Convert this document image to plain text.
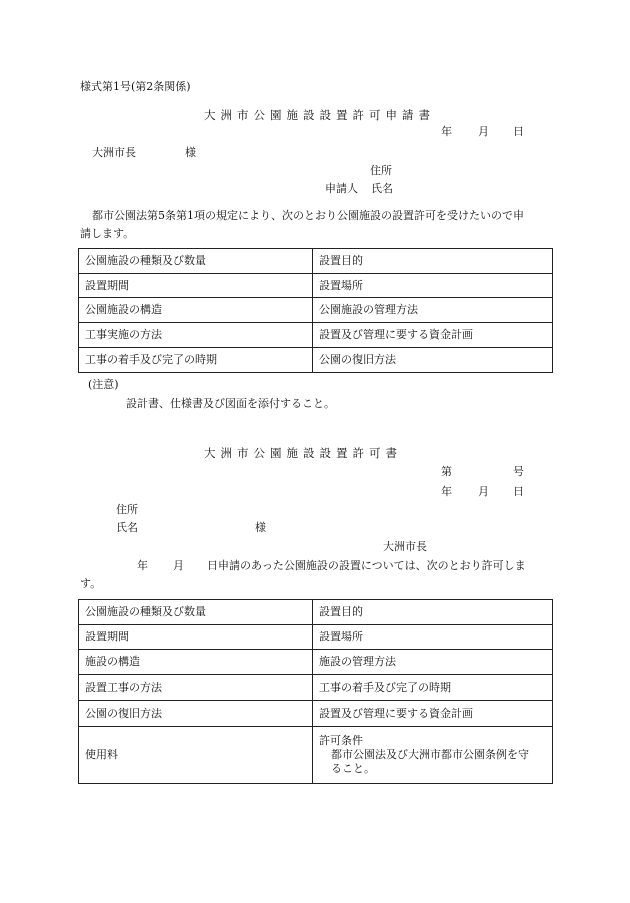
様式第1号(第2条関係)
大洲市公園施設設置許可申請書
年 月 日
大洲市長	様
住所
申請人 氏名
都市公園法第5条第1項の規定により、次のとおり公園施設の設置許可を受けたいので申
請します。
公園施設の種類及び数量	設置目的
設置期間	設置場所
公園施設の構造	公園施設の管理方法
工事実施の方法	設置及び管理に要する資金計画
工事の着手及び完了の時期	公園の復旧方法
(注意)
設計書、仕様書及び図面を添付すること。
大洲市公園施設設置許可書
第	号
年 月 日
住所
氏名	様
大洲市長
年 月 日申請のあった公園施設の設置については、次のとおり許可しま
す。
公園施設の種類及び数量	設置目的
設置期間	設置場所
施設の構造	施設の管理方法
設置工事の方法	工事の着手及び完了の時期
公園の復旧方法	設置及び管理に要する資金計画
使用料	許可条件
都市公園法及び大洲市都市公園条例を守
ること。
